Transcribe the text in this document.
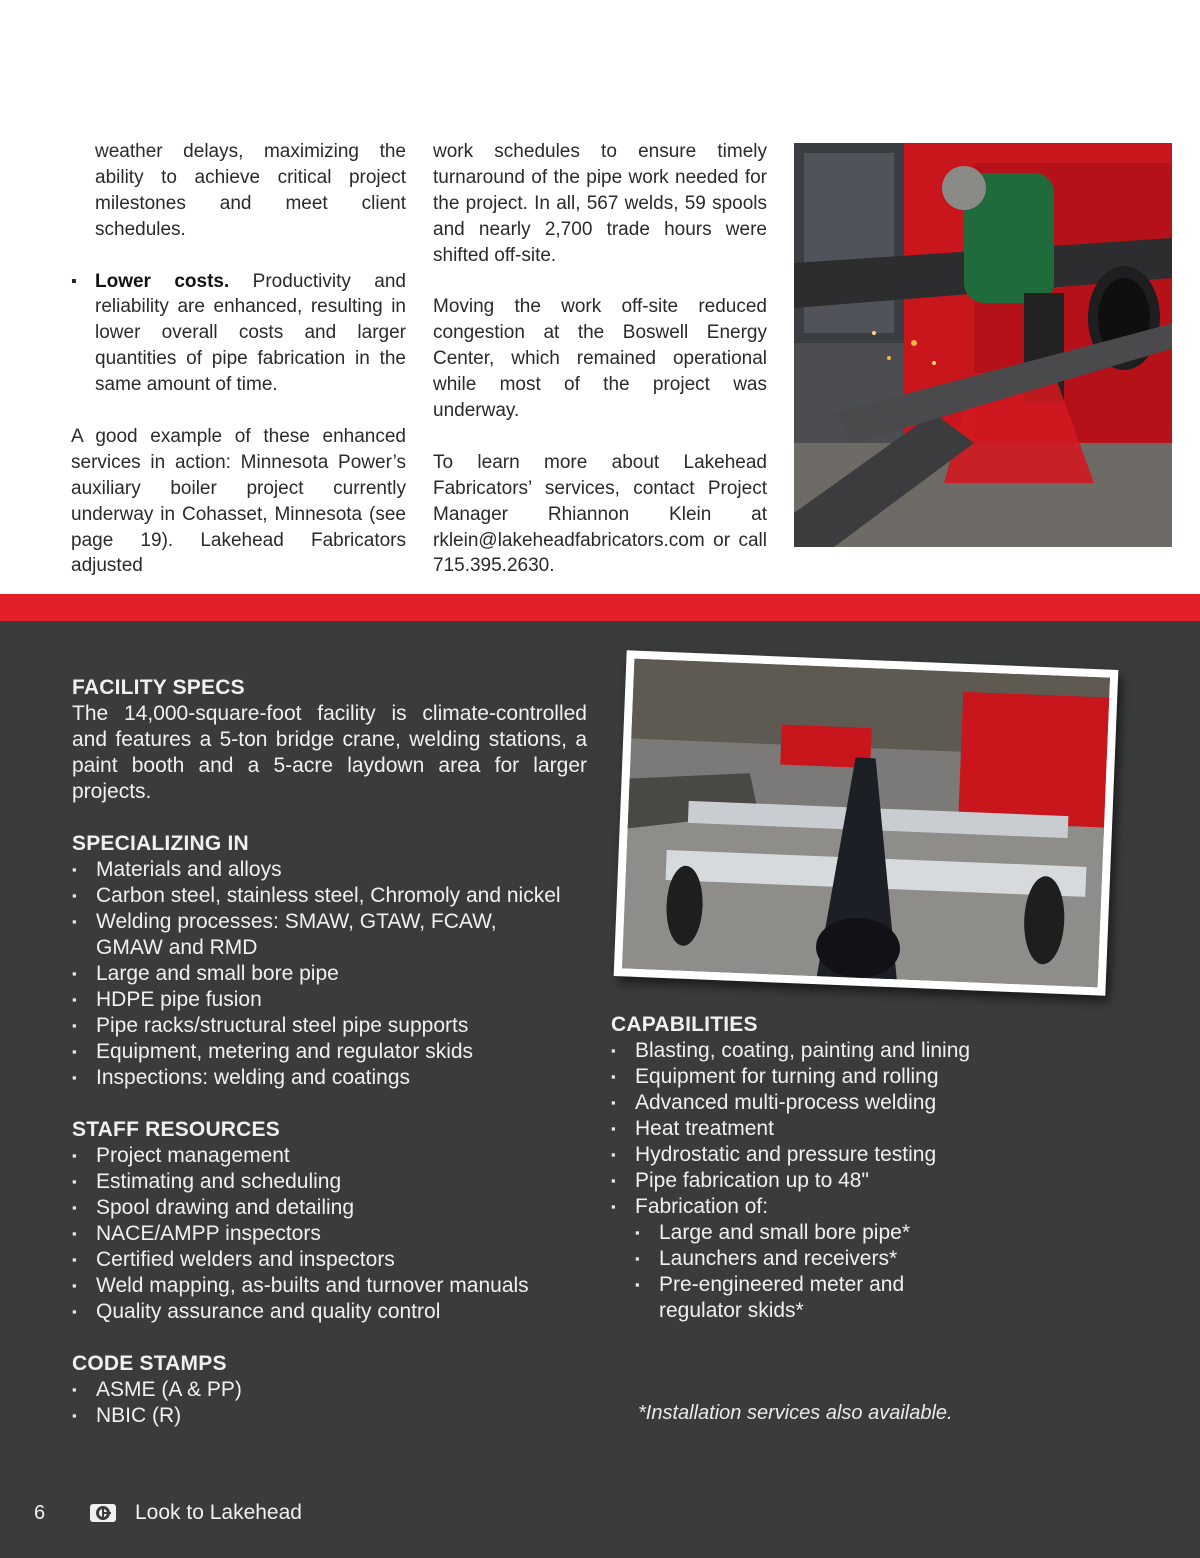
weather delays, maximizing the ability to achieve critical project milestones and meet client schedules.

▪ Lower costs. Productivity and reliability are enhanced, resulting in lower overall costs and larger quantities of pipe fabrication in the same amount of time.

A good example of these enhanced services in action: Minnesota Power’s auxiliary boiler project currently underway in Cohasset, Minnesota (see page 19). Lakehead Fabricators adjusted

work schedules to ensure timely turnaround of the pipe work needed for the project. In all, 567 welds, 59 spools and nearly 2,700 trade hours were shifted off-site.

Moving the work off-site reduced congestion at the Boswell Energy Center, which remained operational while most of the project was underway.

To learn more about Lakehead Fabricators’ services, contact Project Manager Rhiannon Klein at rklein@lakeheadfabricators.com or call 715.395.2630.

FACILITY SPECS

The 14,000-square-foot facility is climate-controlled and features a 5-ton bridge crane, welding stations, a paint booth and a 5-acre laydown area for larger projects.

SPECIALIZING IN
▪ Materials and alloys
▪ Carbon steel, stainless steel, Chromoly and nickel
▪ Welding processes: SMAW, GTAW, FCAW, GMAW and RMD
▪ Large and small bore pipe
▪ HDPE pipe fusion
▪ Pipe racks/structural steel pipe supports
▪ Equipment, metering and regulator skids
▪ Inspections: welding and coatings
STAFF RESOURCES
▪ Project management
▪ Estimating and scheduling
▪ Spool drawing and detailing
▪ NACE/AMPP inspectors
▪ Certified welders and inspectors
▪ Weld mapping, as-builts and turnover manuals
▪ Quality assurance and quality control
CODE STAMPS
▪ ASME (A & PP)
▪ NBIC (R)
CAPABILITIES
▪ Blasting, coating, painting and lining
▪ Equipment for turning and rolling
▪ Advanced multi-process welding
▪ Heat treatment
▪ Hydrostatic and pressure testing
▪ Pipe fabrication up to 48"
▪ Fabrication of:
▪ Large and small bore pipe*
▪ Launchers and receivers*
▪ Pre-engineered meter and regulator skids*
*Installation services also available.
6	Look to Lakehead
